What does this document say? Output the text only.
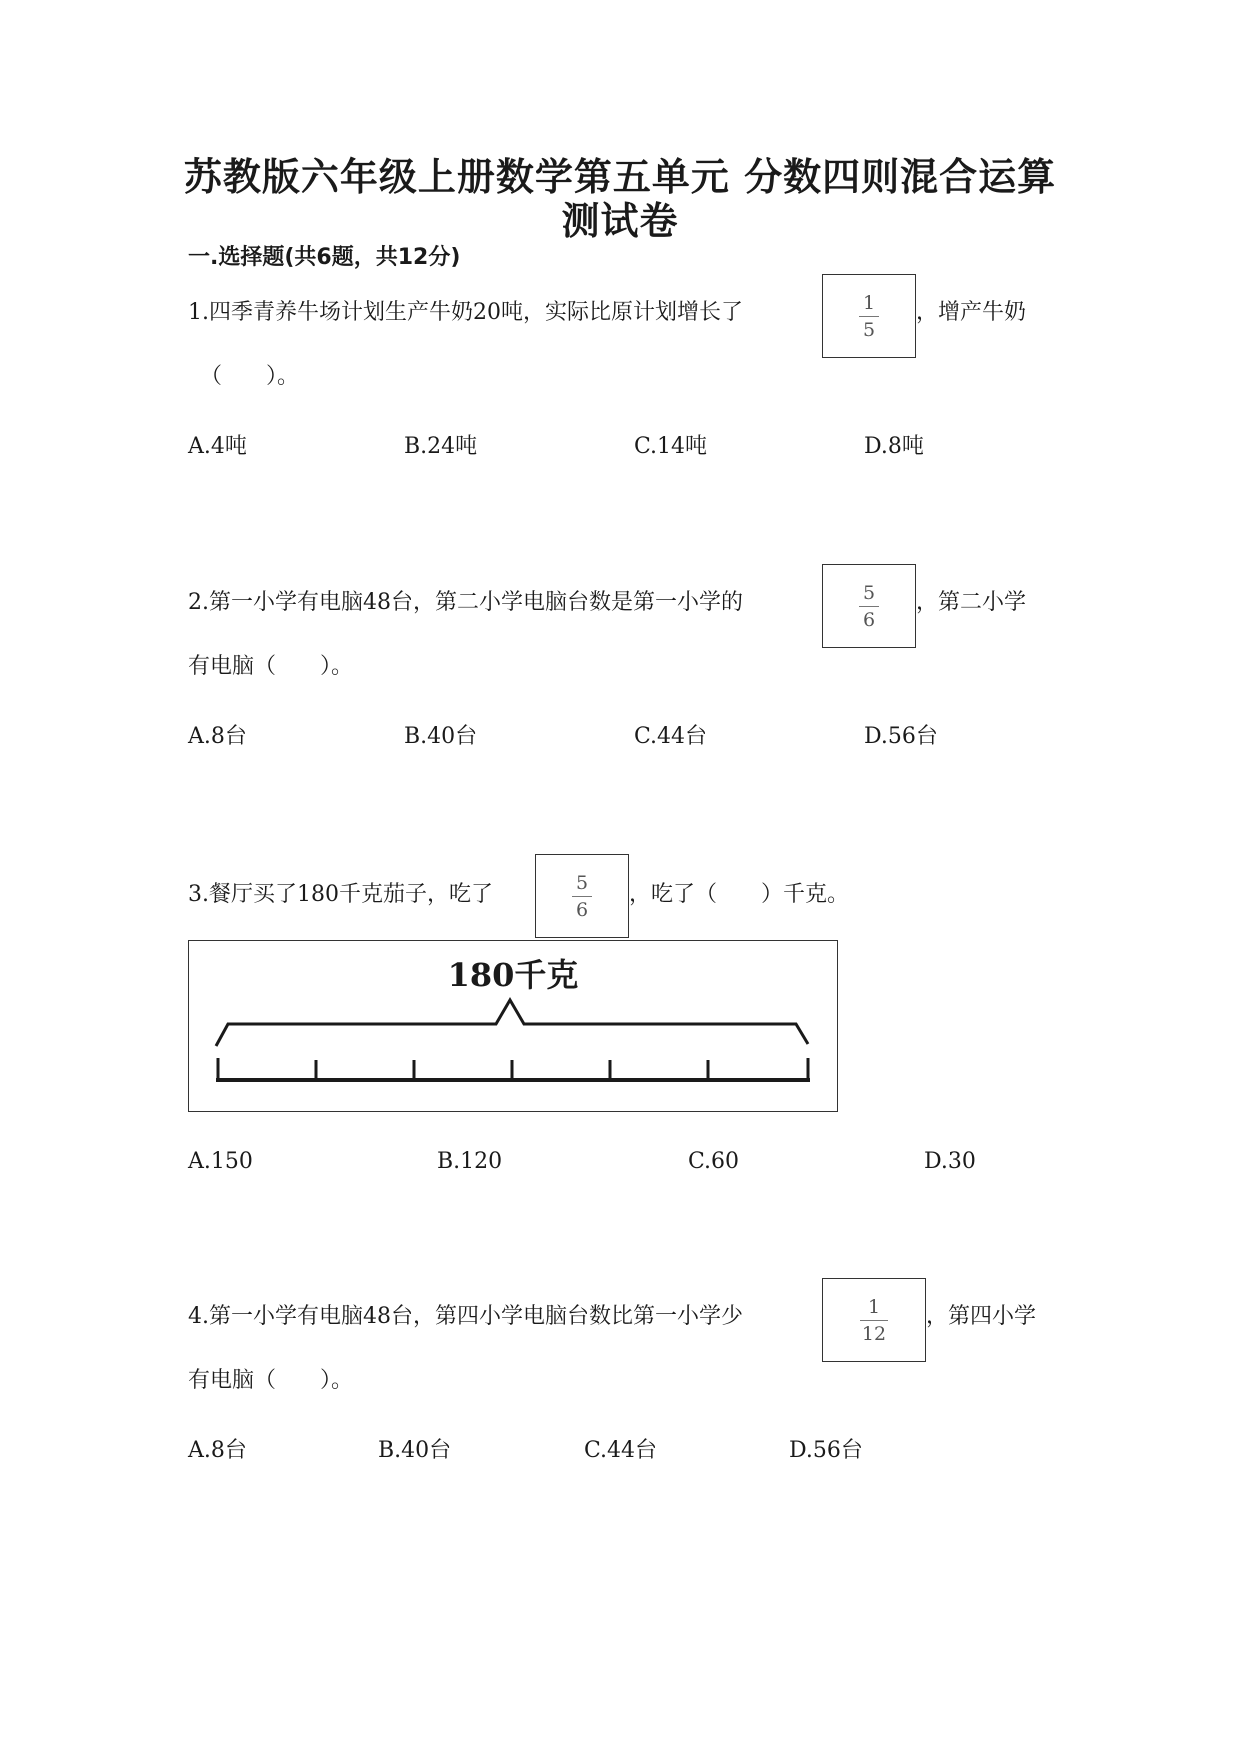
苏教版六年级上册数学第五单元 分数四则混合运算
测试卷
一.选择题(共6题，共12分)
1.四季青养牛场计划生产牛奶20吨，实际比原计划增长了	$\frac{1}{5}$ ，增产牛奶
（　　）。
A.4吨	B.24吨	C.14吨	D.8吨
2.第一小学有电脑48台，第二小学电脑台数是第一小学的	$\frac{5}{6}$ ，第二小学
有电脑（　　）。
A.8台	B.40台	C.44台	D.56台
3.餐厅买了180千克茄子，吃了	$\frac{5}{6}$ ，吃了（　　）千克。
180千克
A.150	B.120	C.60	D.30
4.第一小学有电脑48台，第四小学电脑台数比第一小学少	$\frac{1}{12}$ ，第四小学
有电脑（　　）。
A.8台	B.40台	C.44台	D.56台
